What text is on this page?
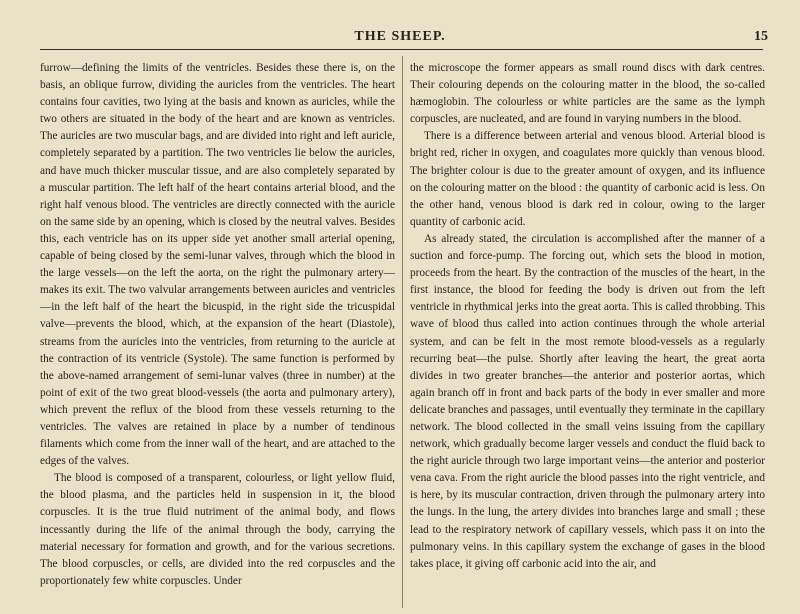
THE SHEEP.	15

furrow—defining the limits of the ventricles. Besides these there is, on the basis, an oblique furrow, dividing the auricles from the ventricles. The heart contains four cavities, two lying at the basis and known as auricles, while the two others are situated in the body of the heart and are known as ventricles. The auricles are two muscular bags, and are divided into right and left auricle, completely separated by a partition. The two ventricles lie below the auricles, and have much thicker muscular tissue, and are also completely separated by a muscular partition. The left half of the heart contains arterial blood, and the right half venous blood. The ventricles are directly connected with the auricle on the same side by an opening, which is closed by the neutral valves. Besides this, each ventricle has on its upper side yet another small arterial opening, capable of being closed by the semi-lunar valves, through which the blood in the large vessels—on the left the aorta, on the right the pulmonary artery—makes its exit. The two valvular arrangements between auricles and ventricles—in the left half of the heart the bicuspid, in the right side the tricuspidal valve—prevents the blood, which, at the expansion of the heart (Diastole), streams from the auricles into the ventricles, from returning to the auricle at the contraction of its ventricle (Systole). The same function is performed by the above-named arrangement of semi-lunar valves (three in number) at the point of exit of the two great blood-vessels (the aorta and pulmonary artery), which prevent the reflux of the blood from these vessels returning to the ventricles. The valves are retained in place by a number of tendinous filaments which come from the inner wall of the heart, and are attached to the edges of the valves.

The blood is composed of a transparent, colourless, or light yellow fluid, the blood plasma, and the particles held in suspension in it, the blood corpuscles. It is the true fluid nutriment of the animal body, and flows incessantly during the life of the animal through the body, carrying the material necessary for formation and growth, and for the various secretions. The blood corpuscles, or cells, are divided into the red corpuscles and the proportionately few white corpuscles. Under

the microscope the former appears as small round discs with dark centres. Their colouring depends on the colouring matter in the blood, the so-called hæmoglobin. The colourless or white particles are the same as the lymph corpuscles, are nucleated, and are found in varying numbers in the blood.

There is a difference between arterial and venous blood. Arterial blood is bright red, richer in oxygen, and coagulates more quickly than venous blood. The brighter colour is due to the greater amount of oxygen, and its influence on the colouring matter on the blood : the quantity of carbonic acid is less. On the other hand, venous blood is dark red in colour, owing to the larger quantity of carbonic acid.

As already stated, the circulation is accomplished after the manner of a suction and force-pump. The forcing out, which sets the blood in motion, proceeds from the heart. By the contraction of the muscles of the heart, in the first instance, the blood for feeding the body is driven out from the left ventricle in rhythmical jerks into the great aorta. This is called throbbing. This wave of blood thus called into action continues through the whole arterial system, and can be felt in the most remote blood-vessels as a regularly recurring beat—the pulse. Shortly after leaving the heart, the great aorta divides in two greater branches—the anterior and posterior aortas, which again branch off in front and back parts of the body in ever smaller and more delicate branches and passages, until eventually they terminate in the capillary network. The blood collected in the small veins issuing from the capillary network, which gradually become larger vessels and conduct the fluid back to the right auricle through two large important veins—the anterior and posterior vena cava. From the right auricle the blood passes into the right ventricle, and is here, by its muscular contraction, driven through the pulmonary artery into the lungs. In the lung, the artery divides into branches large and small ; these lead to the respiratory network of capillary vessels, which pass it on into the pulmonary veins. In this capillary system the exchange of gases in the blood takes place, it giving off carbonic acid into the air, and
